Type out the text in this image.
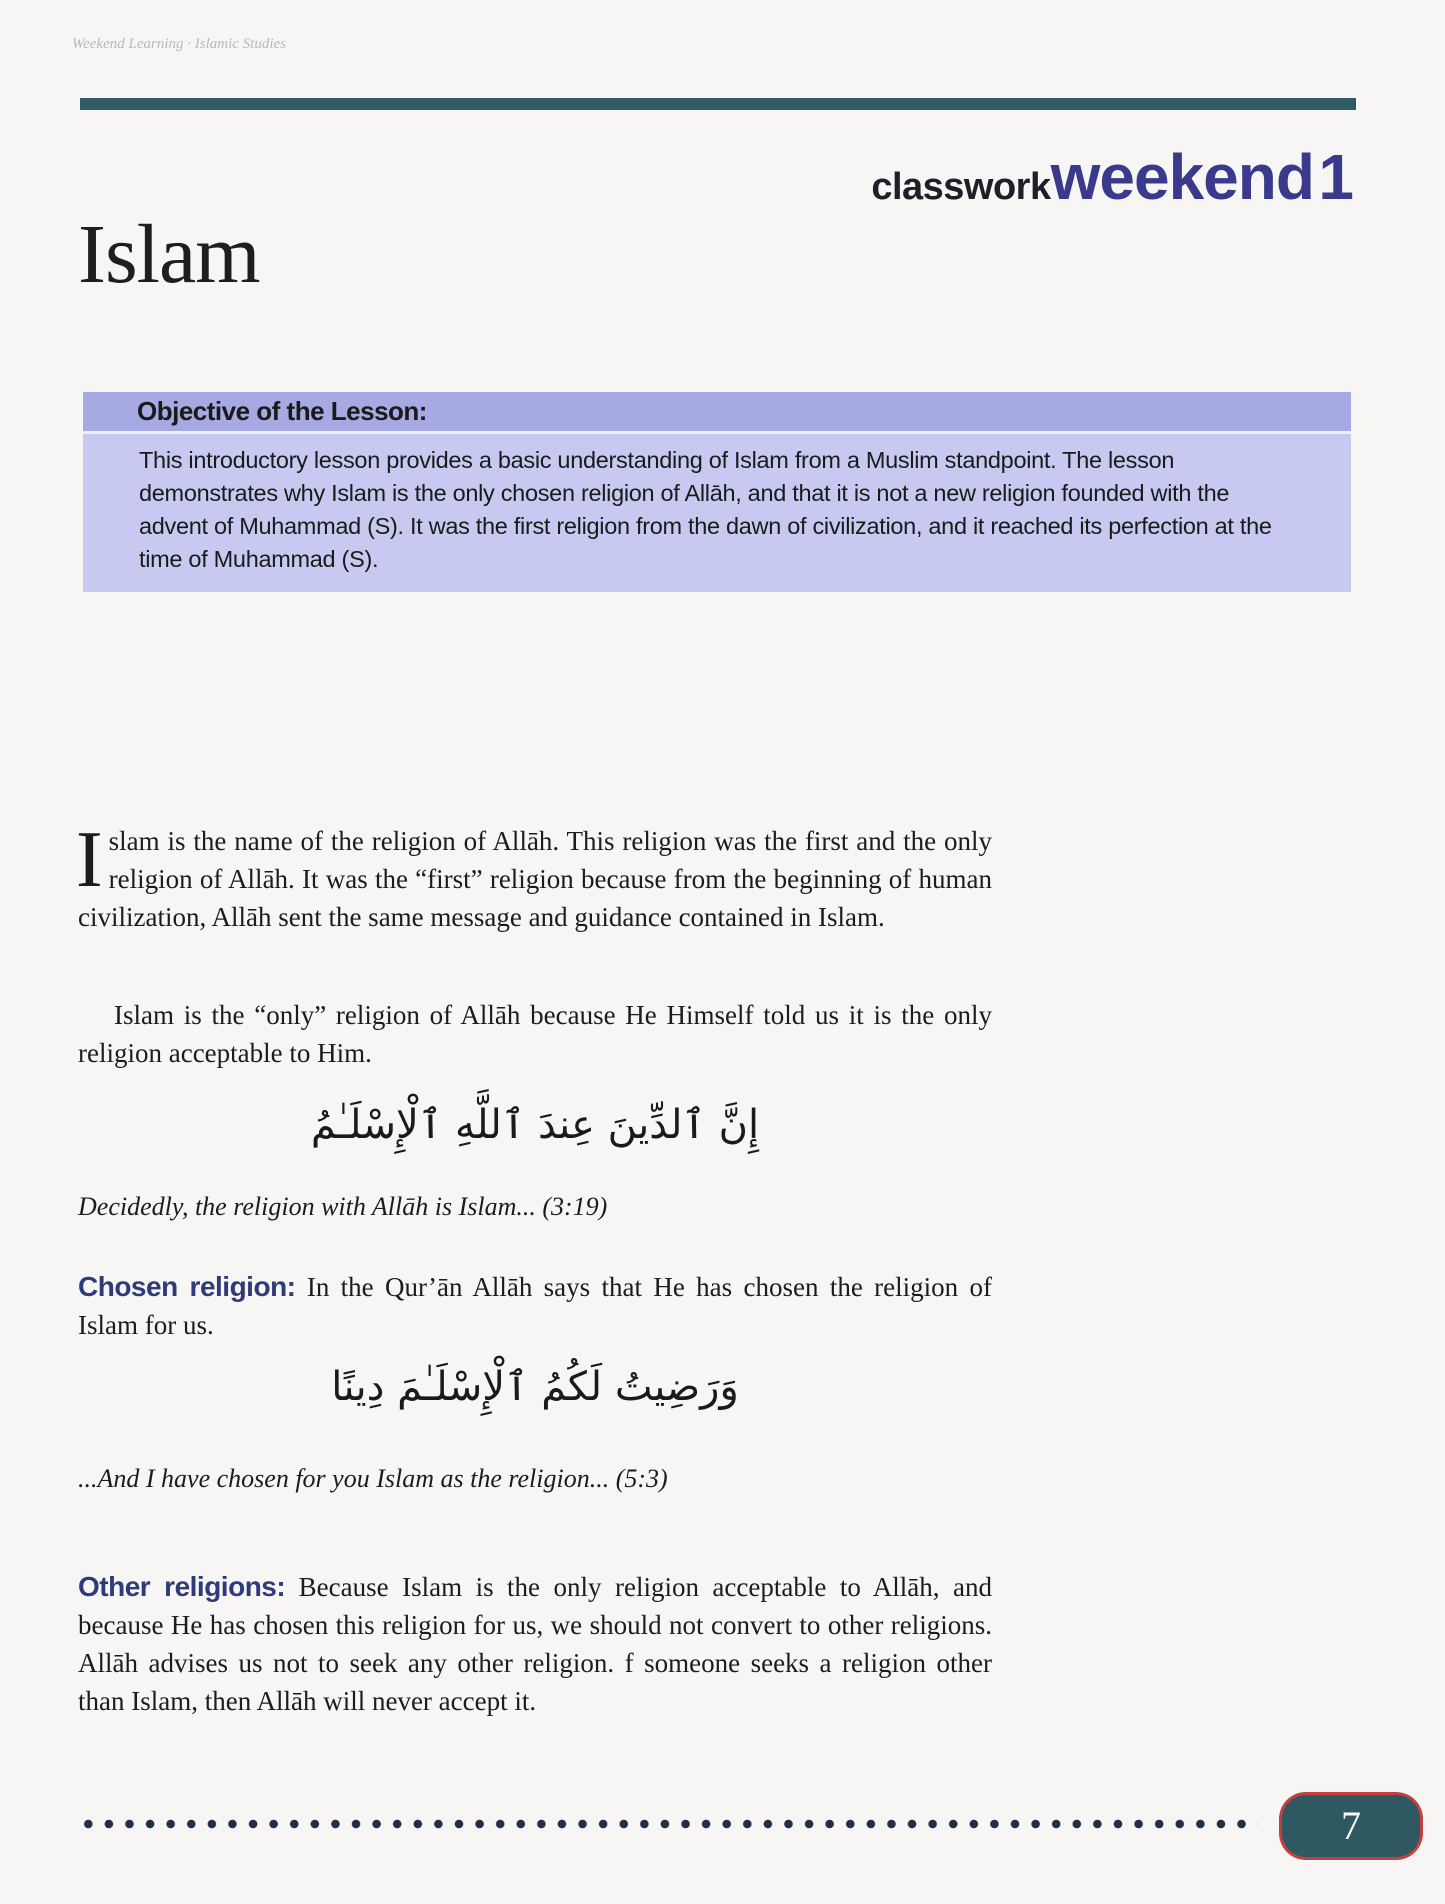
Weekend Learning · Islamic Studies
classworkweekend 1
Islam
Objective of the Lesson:
This introductory lesson provides a basic understanding of Islam from a Muslim standpoint. The lesson demonstrates why Islam is the only chosen religion of Allāh, and that it is not a new religion founded with the advent of Muhammad (S). It was the first religion from the dawn of civilization, and it reached its perfection at the time of Muhammad (S).

Islam is the name of the religion of Allāh. This religion was the first and the only religion of Allāh. It was the “first” religion because from the beginning of human civilization, Allāh sent the same message and guidance contained in Islam.

Islam is the “only” religion of Allāh because He Himself told us it is the only religion acceptable to Him.

إِنَّ ٱلدِّينَ عِندَ ٱللَّهِ ٱلْإِسْلَـٰمُ
Decidedly, the religion with Allāh is Islam... (3:19)

Chosen religion: In the Qur’ān Allāh says that He has chosen the religion of Islam for us.

وَرَضِيتُ لَكُمُ ٱلْإِسْلَـٰمَ دِينًا
...And I have chosen for you Islam as the religion... (5:3)

Other religions: Because Islam is the only religion acceptable to Allāh, and because He has chosen this religion for us, we should not convert to other religions. Allāh advises us not to seek any other religion. f someone seeks a religion other than Islam, then Allāh will never accept it.

7
